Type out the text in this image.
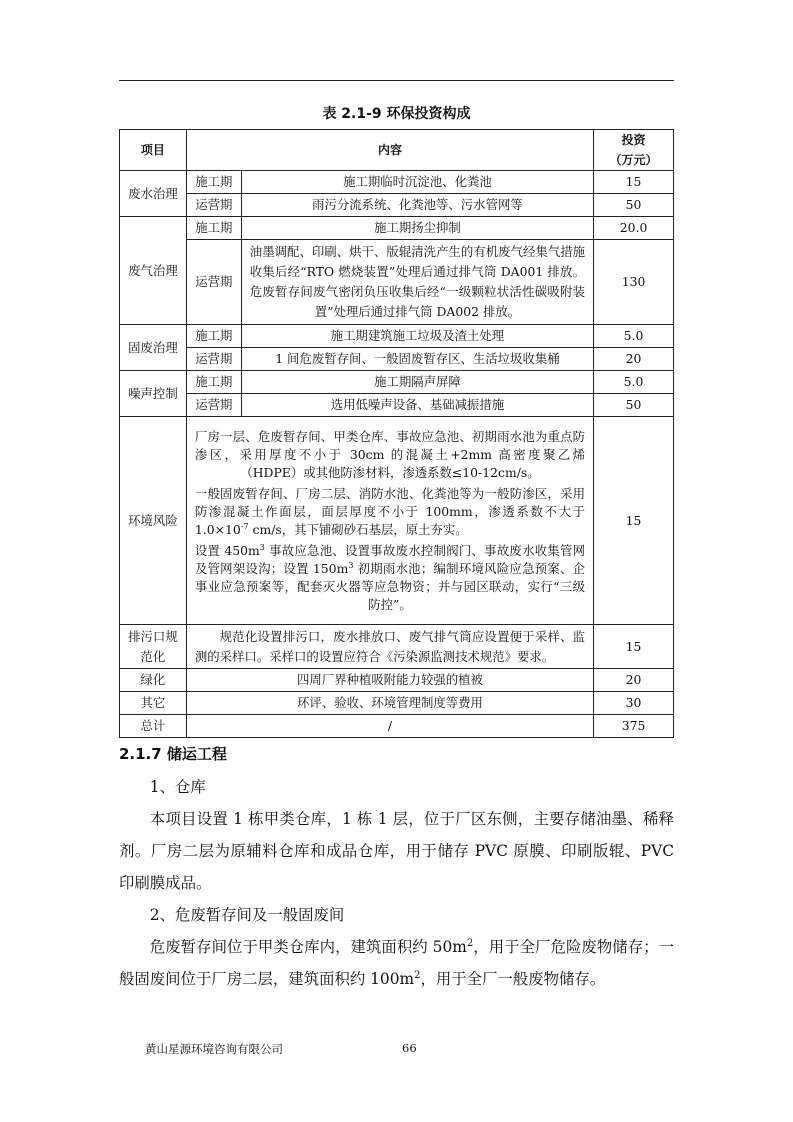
表 2.1-9 环保投资构成
项目	内容		投资
（万元）

废水治理	施工期	施工期临时沉淀池、化粪池	15
	运营期	雨污分流系统、化粪池等、污水管网等	50
废气治理	施工期	施工期扬尘抑制	20.0
	运营期	油墨调配、印刷、烘干、版辊清洗产生的有机废气经集气措施收集后经“RTO 燃烧装置”处理后通过排气筒 DA001 排放。危废暂存间废气密闭负压收集后经“一级颗粒状活性碳吸附装置”处理后通过排气筒 DA002 排放。	130
固废治理	施工期	施工期建筑施工垃圾及渣土处理	5.0
	运营期	1 间危废暂存间、一般固废暂存区、生活垃圾收集桶	20
噪声控制	施工期	施工期隔声屏障	5.0
	运营期	选用低噪声设备、基础减振措施	50
环境风险	厂房一层、危废暂存间、甲类仓库、事故应急池、初期雨水池为重点防渗区，采用厚度不小于 30cm 的混凝土+2mm 高密度聚乙烯（HDPE）或其他防渗材料，渗透系数≤10-12cm/s。
一般固废暂存间、厂房二层、消防水池、化粪池等为一般防渗区，采用防渗混凝土作面层，面层厚度不小于 100mm，渗透系数不大于 $1.0\times 10^{-7}$ cm/s，其下铺砌砂石基层，原土夯实。
设置 $450m^3$ 事故应急池、设置事故废水控制阀门、事故废水收集管网及管网架设沟；设置 $150m^3$ 初期雨水池；编制环境风险应急预案、企事业应急预案等，配套灭火器等应急物资；并与园区联动，实行“三级防控”。		15

排污口规
范化	规范化设置排污口，废水排放口、废气排气筒应设置便于采样、监测的采样口。采样口的设置应符合《污染源监测技术规范》要求。		15
绿化	四周厂界种植吸附能力较强的植被		20
其它	环评、验收、环境管理制度等费用		30
总计	/		375
2.1.7 储运工程
1、仓库
本项目设置 1 栋甲类仓库，1 栋 1 层，位于厂区东侧，主要存储油墨、稀释剂。厂房二层为原辅料仓库和成品仓库，用于储存 PVC 原膜、印刷版辊、PVC 印刷膜成品。
2、危废暂存间及一般固废间
危废暂存间位于甲类仓库内，建筑面积约 $50m^2$，用于全厂危险废物储存；一般固废间位于厂房二层，建筑面积约 $100m^2$，用于全厂一般废物储存。
黄山星源环境咨询有限公司	66
